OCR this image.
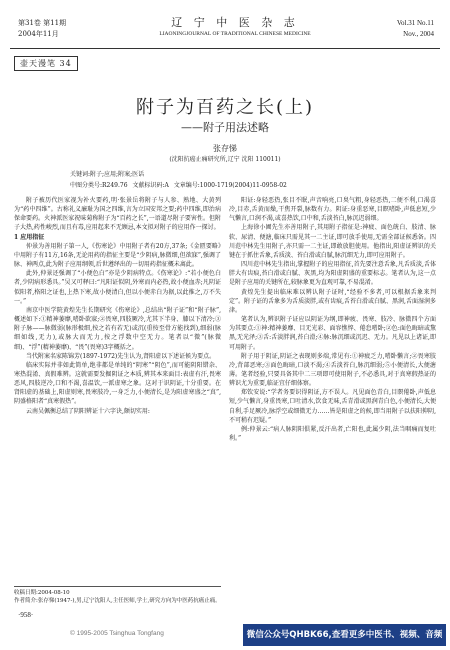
第31卷 第11期
2004年11月
辽 宁 中 医 杂 志
LIAONINGJOURNAL OF TRADITIONAL CHINESE MEDICINE
Vol.31 No.11
Nov., 2004
壶天漫笔 34
附子为百药之长(上)
——附子用法述略
张存悌
(沈阳抗癌止痛研究所,辽宁 沈阳 110011)
关键词:附子;应用;附案;医话
中图分类号:R249.76 文献标识码:A 文章编号:1000-1719(2004)11-0958-02

附子被历代医家视为补火要药,明·张景岳将附子与人参、熟地、大黄列为“药中四维”。古称礼义廉耻为国之四维,言为立国安邦之要;药中四维,即治病保命要药。火神派医家祝味菊称附子为“百药之长”,一语道尽附子要害性。但附子大热,药性峻烈,而且有毒,应用起来不无顾忌,本文拟对附子的应用作一探讨。

1 应用指征

仲景为善用附子第一人,《伤寒论》中用附子者有20方,37条;《金匮要略》中用附子有11方,16条,无论用药的指征主要是“少阴病,脉微细,但欲寐”,强调了脉、神两点,此为附子应用纲领,后世遵绎出的一切用药指征概未离此。

此外,仲景还强调了“小便色白”亦是少阴病特点。《伤寒论》:“若小便色白者,少阴病形悉具。”吴又可释曰:“凡阳证似阴,外寒而内必热,故小便血赤;凡阴证似阳者,格阳之证也,上热下寒,故小便清白,但以小便赤白为据,以此推之,万不失一。”

南京中医学院黄煌先生长期研究《伤寒论》,总结出“附子证”和“附子脉”,概述如下:①精神萎靡,嗜卧欲寐;②畏寒,四肢厥冷,尤其下半身、膝以下清冷;③附子脉——脉微弱(脉形极细,按之若有若无)或沉(重按至骨方能找到),细弱(脉细如线,无力),或脉大而无力,按之浮数中空无力。笔者以“微”(脉微细)、“浮”(精神萎靡)、“畏”(畏寒)3字概括之。

当代附案名家陈锦芳(1897-1972)先生认为,肾阳虚以下述证候为要点。

临床实际并非如此简单,绝非都是单纯的“阴寒”“阴色”,而可能阴阳错杂、寒热混淆、真假难辨。这就需要发掘阴证之本质,辨其本来面目:表虚有汗,畏寒恶风,四肢逆冷,口和不渴,喜温饮,一派虚寒之象。这对于识阴证,十分重要。在肾阳虚的基础上,阳虚则寒,畏寒肢冷,一身乏力,小便清长,是为阳虚寒盛之“真”,阴盛格阳者“真寒假热”。

云南吴佩衡总结了阴阳辨证十六字诀,颇切实用:

阳证:身轻恶热,张目不眠,声音响亮,口臭气粗,身轻恶热,二便不利,口渴喜冷,目赤,舌黄而燥,干焦开裂,脉数有力。阴证:身重恶寒,目瞑嗜卧,声低息短,少气懒言,口润不渴,或喜热饮,口中和,舌淡苔白,脉沉迟弱细。

上海徐小圃先生亦善用附子,其用附子指征是:神疲、面色㿠白、肢清、脉软、尿清、便溏,临床只需见其一二主证,即可放手使用,无需全部证候悉备。四川范中林先生用附子,亦只需一二主证,即敢放胆使用。他指出,阳虚证辨识的关键在于抓住舌象,舌质淡、苔白滑或白腻,脉沉细无力,即可应用附子。

四川范中林先生指出,掌握附子的应用指征,首先要注意舌象,凡舌质淡,舌体胖大有齿痕,苔白滑或白腻、灰黑,均为阳虚阴盛的重要标志。笔者认为,这一点是附子应用的关键所在,较脉象更为直观可靠,不易混淆。

黄煌先生提出临床难以辨认附子证时,“经验不多者,可以根据舌象来判定”。附子证的舌象多为舌质淡胖,或有齿痕,舌苔白滑或白腻、黑润,舌面湿润多津。

笔者认为,辨识附子证应以阴证为纲,即神疲、畏寒、肢冷、脉微四个方面为其要点:①神:精神萎靡、目无光彩、面容憔悴、倦怠嗜卧;②色:面色晦暗或黧黑,无光泽;③舌:舌淡胖润,苔白滑;④脉:脉沉细或沉迟、无力。凡见以上诸证,即可用附子。

附子用于阴证,阴证之表现则多端,常见有:①神疲乏力,嗜卧懒言;②畏寒肢冷,背部恶寒;③面色晦暗,口淡不渴;④舌淡苔白,脉沉细弱;⑤小便清长,大便溏薄。笔者经验,只要具备其中二三项即可使用附子,不必悉具,对于真寒假热证的辨识尤为重要,临证宜仔细体察。

郑钦安说:“学者务要识得阴证,方不误人。凡见面色青白,目瞑倦卧,声低息短,少气懒言,身重畏寒,口吐清水,饮食无味,舌青滑或黑润青白色,小便清长,大便自利,手足厥冷,脉浮空或细微无力……皆是阳虚之的候,即当用附子以扶阳抑阴,不可稍有迟疑。”

例:仲景云:“病人脉阴阳俱紧,反汗出者,亡阳也,此属少阴,法当咽痛而复吐利。”

收稿日期:2004-08-10
作者简介:张存悌(1947-),男,辽宁沈阳人,主任医师,学士,研究方向为中医药抗癌止痛。
·958·
© 1995-2005 Tsinghua Tongfang	微信公众号QHBK66,查看更多中医书、视频、音频
